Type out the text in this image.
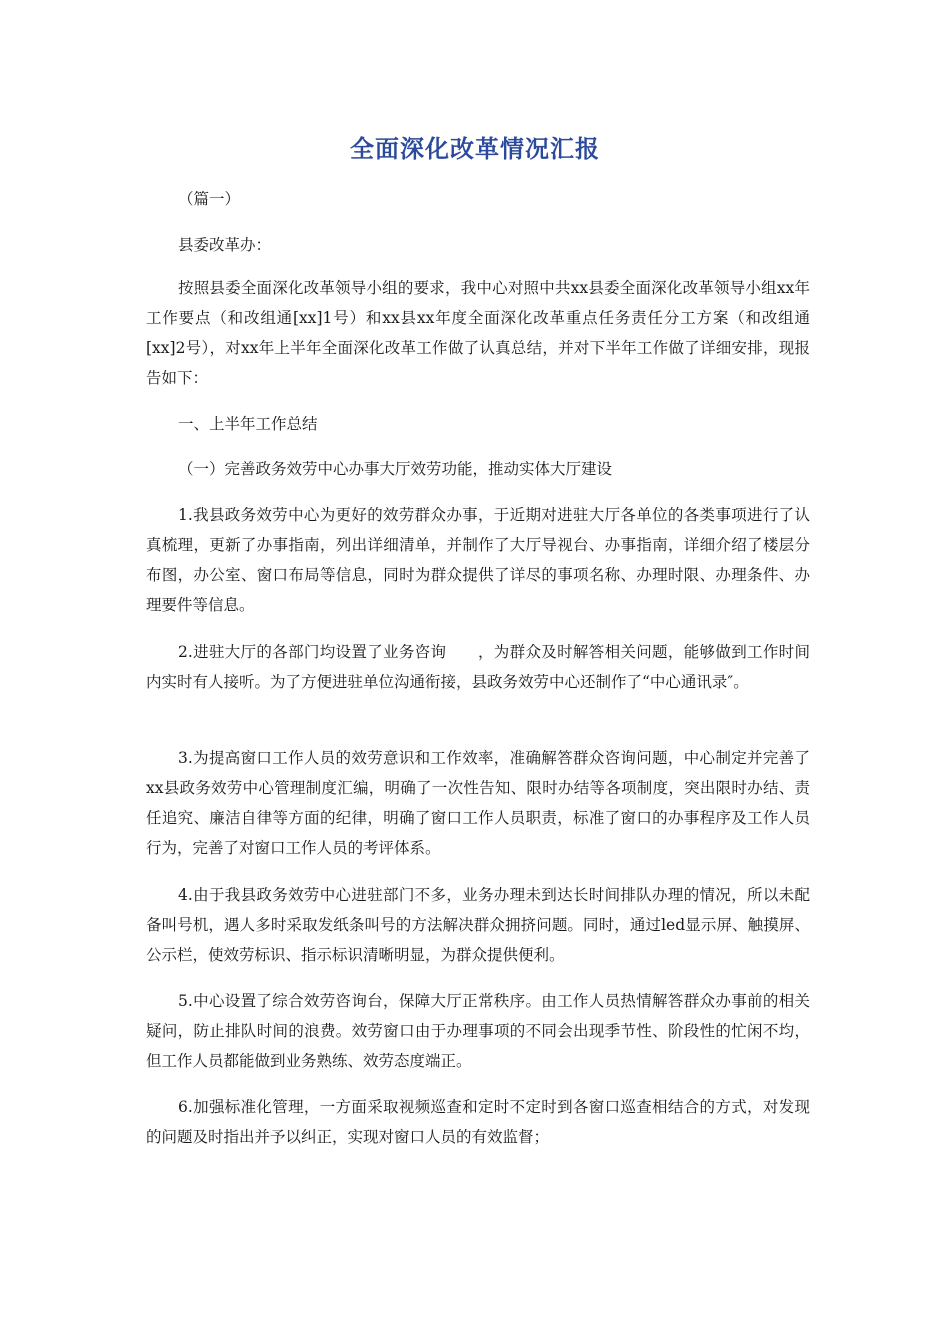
全面深化改革情况汇报
（篇一）
县委改革办：
按照县委全面深化改革领导小组的要求，我中心对照中共xx县委全面深化改革领导小组xx年工作要点（和改组通[xx]1号）和xx县xx年度全面深化改革重点任务责任分工方案（和改组通[xx]2号），对xx年上半年全面深化改革工作做了认真总结，并对下半年工作做了详细安排，现报告如下：
一、上半年工作总结
（一）完善政务效劳中心办事大厅效劳功能，推动实体大厅建设
1.我县政务效劳中心为更好的效劳群众办事，于近期对进驻大厅各单位的各类事项进行了认真梳理，更新了办事指南，列出详细清单，并制作了大厅导视台、办事指南，详细介绍了楼层分布图，办公室、窗口布局等信息，同时为群众提供了详尽的事项名称、办理时限、办理条件、办理要件等信息。
2.进驻大厅的各部门均设置了业务咨询　　，为群众及时解答相关问题，能够做到工作时间内实时有人接听。为了方便进驻单位沟通衔接，县政务效劳中心还制作了“中心通讯录″。
3.为提高窗口工作人员的效劳意识和工作效率，准确解答群众咨询问题，中心制定并完善了xx县政务效劳中心管理制度汇编，明确了一次性告知、限时办结等各项制度，突出限时办结、责任追究、廉洁自律等方面的纪律，明确了窗口工作人员职责，标准了窗口的办事程序及工作人员行为，完善了对窗口工作人员的考评体系。
4.由于我县政务效劳中心进驻部门不多，业务办理未到达长时间排队办理的情况，所以未配备叫号机，遇人多时采取发纸条叫号的方法解决群众拥挤问题。同时，通过led显示屏、触摸屏、公示栏，使效劳标识、指示标识清晰明显，为群众提供便利。
5.中心设置了综合效劳咨询台，保障大厅正常秩序。由工作人员热情解答群众办事前的相关疑问，防止排队时间的浪费。效劳窗口由于办理事项的不同会出现季节性、阶段性的忙闲不均，但工作人员都能做到业务熟练、效劳态度端正。
6.加强标准化管理，一方面采取视频巡查和定时不定时到各窗口巡查相结合的方式，对发现的问题及时指出并予以纠正，实现对窗口人员的有效监督；
